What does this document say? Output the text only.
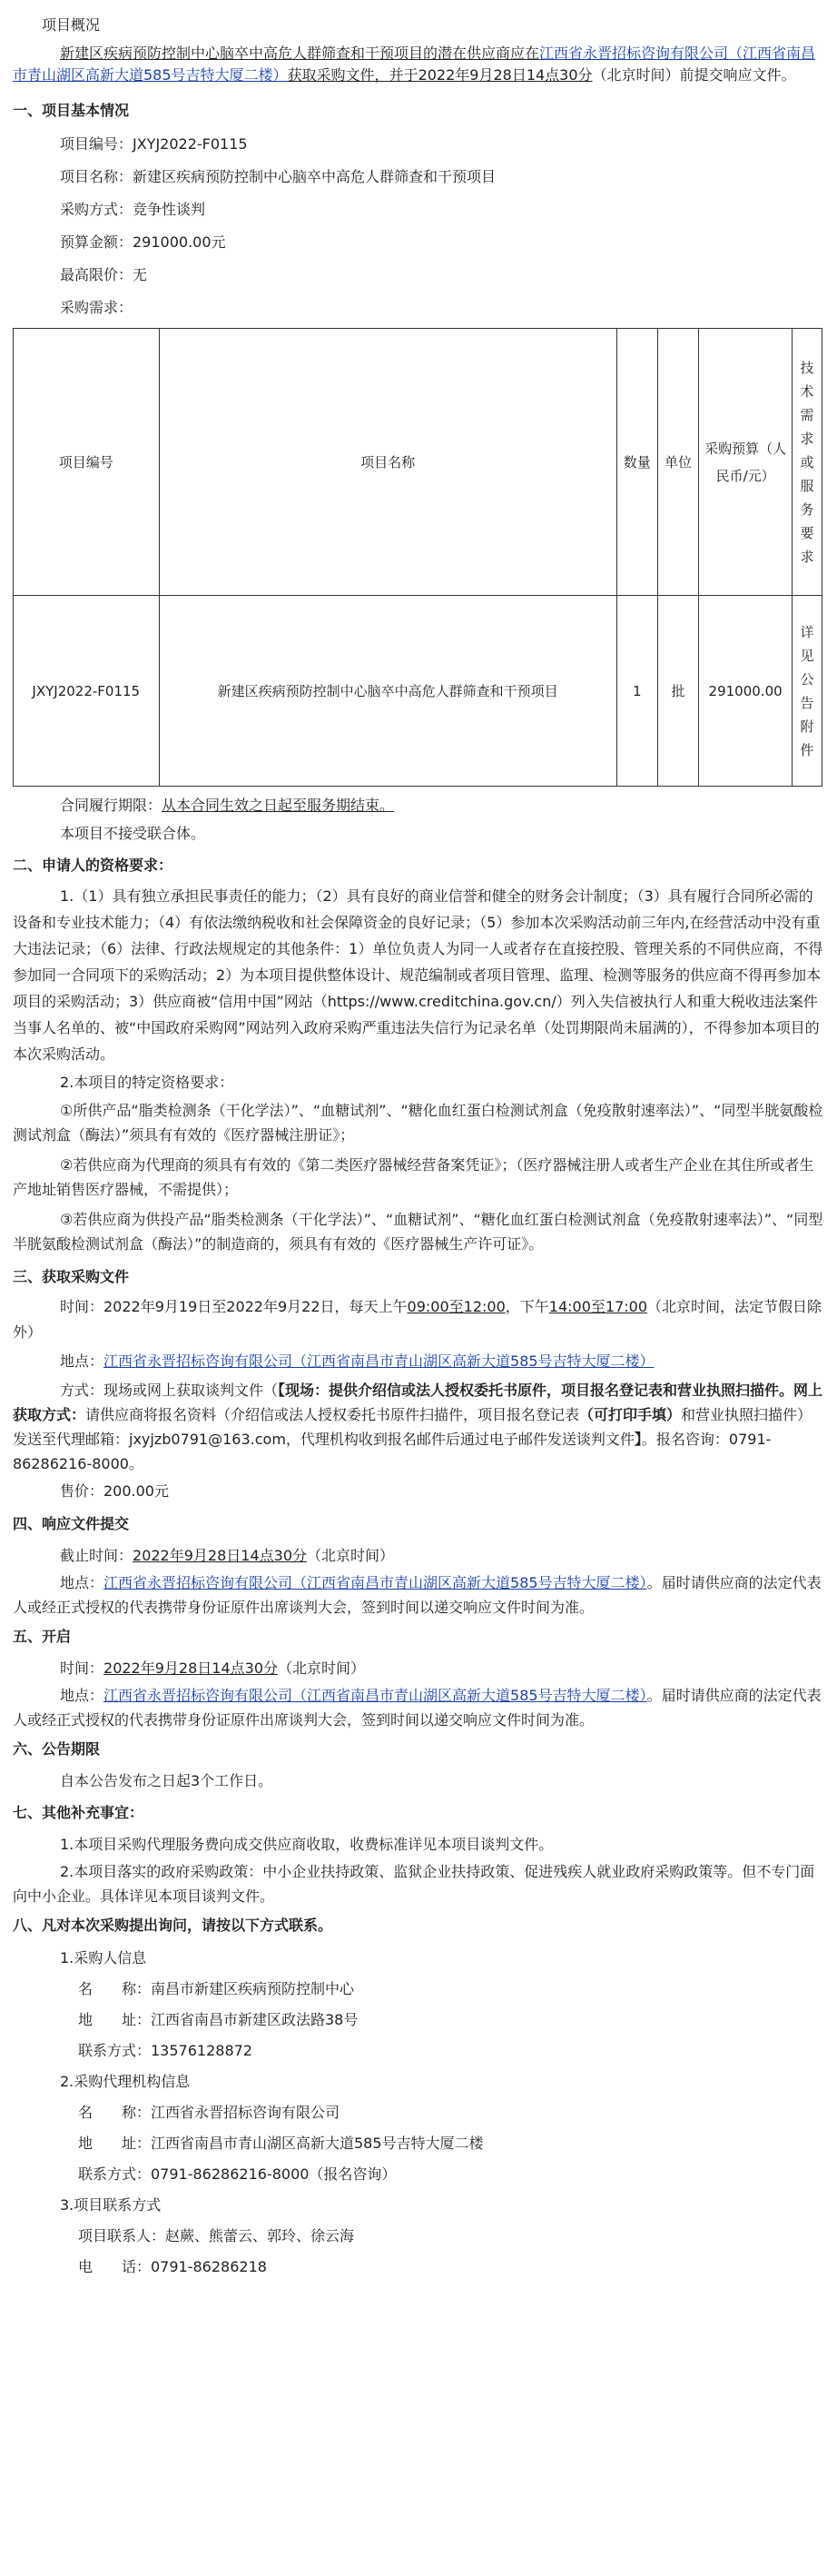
项目概况

新建区疾病预防控制中心脑卒中高危人群筛查和干预项目的潜在供应商应在江西省永晋招标咨询有限公司（江西省南昌市青山湖区高新大道585号吉特大厦二楼）获取采购文件，并于2022年9月28日14点30分（北京时间）前提交响应文件。

一、项目基本情况

项目编号：JXYJ2022-F0115

项目名称：新建区疾病预防控制中心脑卒中高危人群筛查和干预项目

采购方式：竞争性谈判

预算金额：291000.00元

最高限价：无

采购需求：

项目编号	项目名称	数量	单位	采购预算（人民币/元）	技术需求或服务要求
JXYJ2022-F0115	新建区疾病预防控制中心脑卒中高危人群筛查和干预项目	1	批	291000.00	详见公告附件

合同履行期限：从本合同生效之日起至服务期结束。

本项目不接受联合体。

二、申请人的资格要求：

1.（1）具有独立承担民事责任的能力；（2）具有良好的商业信誉和健全的财务会计制度；（3）具有履行合同所必需的设备和专业技术能力；（4）有依法缴纳税收和社会保障资金的良好记录；（5）参加本次采购活动前三年内,在经营活动中没有重大违法记录；（6）法律、行政法规规定的其他条件：1）单位负责人为同一人或者存在直接控股、管理关系的不同供应商，不得参加同一合同项下的采购活动；2）为本项目提供整体设计、规范编制或者项目管理、监理、检测等服务的供应商不得再参加本项目的采购活动；3）供应商被“信用中国”网站（https://www.creditchina.gov.cn/）列入失信被执行人和重大税收违法案件当事人名单的、被“中国政府采购网”网站列入政府采购严重违法失信行为记录名单（处罚期限尚未届满的），不得参加本项目的本次采购活动。

2.本项目的特定资格要求：

①所供产品“脂类检测条（干化学法）”、“血糖试剂”、“糖化血红蛋白检测试剂盒（免疫散射速率法）”、“同型半胱氨酸检测试剂盒（酶法）”须具有有效的《医疗器械注册证》；

②若供应商为代理商的须具有有效的《第二类医疗器械经营备案凭证》；（医疗器械注册人或者生产企业在其住所或者生产地址销售医疗器械，不需提供）；

③若供应商为供投产品“脂类检测条（干化学法）”、“血糖试剂”、“糖化血红蛋白检测试剂盒（免疫散射速率法）”、“同型半胱氨酸检测试剂盒（酶法）”的制造商的，须具有有效的《医疗器械生产许可证》。

三、获取采购文件

时间：2022年9月19日至2022年9月22日，每天上午09:00至12:00，下午14:00至17:00（北京时间，法定节假日除外）

地点：江西省永晋招标咨询有限公司（江西省南昌市青山湖区高新大道585号吉特大厦二楼）

方式：现场或网上获取谈判文件（【现场：提供介绍信或法人授权委托书原件，项目报名登记表和营业执照扫描件。网上获取方式：请供应商将报名资料（介绍信或法人授权委托书原件扫描件，项目报名登记表（可打印手填）和营业执照扫描件）发送至代理邮箱：jxyjzb0791@163.com，代理机构收到报名邮件后通过电子邮件发送谈判文件】。报名咨询：0791-86286216-8000。

售价：200.00元

四、响应文件提交

截止时间：2022年9月28日14点30分（北京时间）

地点：江西省永晋招标咨询有限公司（江西省南昌市青山湖区高新大道585号吉特大厦二楼）。届时请供应商的法定代表人或经正式授权的代表携带身份证原件出席谈判大会，签到时间以递交响应文件时间为准。

五、开启

时间：2022年9月28日14点30分（北京时间）

地点：江西省永晋招标咨询有限公司（江西省南昌市青山湖区高新大道585号吉特大厦二楼）。届时请供应商的法定代表人或经正式授权的代表携带身份证原件出席谈判大会，签到时间以递交响应文件时间为准。

六、公告期限

自本公告发布之日起3个工作日。

七、其他补充事宜：

1.本项目采购代理服务费向成交供应商收取，收费标准详见本项目谈判文件。

2.本项目落实的政府采购政策：中小企业扶持政策、监狱企业扶持政策、促进残疾人就业政府采购政策等。但不专门面向中小企业。具体详见本项目谈判文件。

八、凡对本次采购提出询问，请按以下方式联系。

1.采购人信息

名　　称：南昌市新建区疾病预防控制中心

地　　址：江西省南昌市新建区政法路38号

联系方式：13576128872

2.采购代理机构信息

名　　称：江西省永晋招标咨询有限公司

地　　址：江西省南昌市青山湖区高新大道585号吉特大厦二楼

联系方式：0791-86286216-8000（报名咨询）

3.项目联系方式

项目联系人：赵蕨、熊蕾云、郭玲、徐云海

电　　话：0791-86286218
